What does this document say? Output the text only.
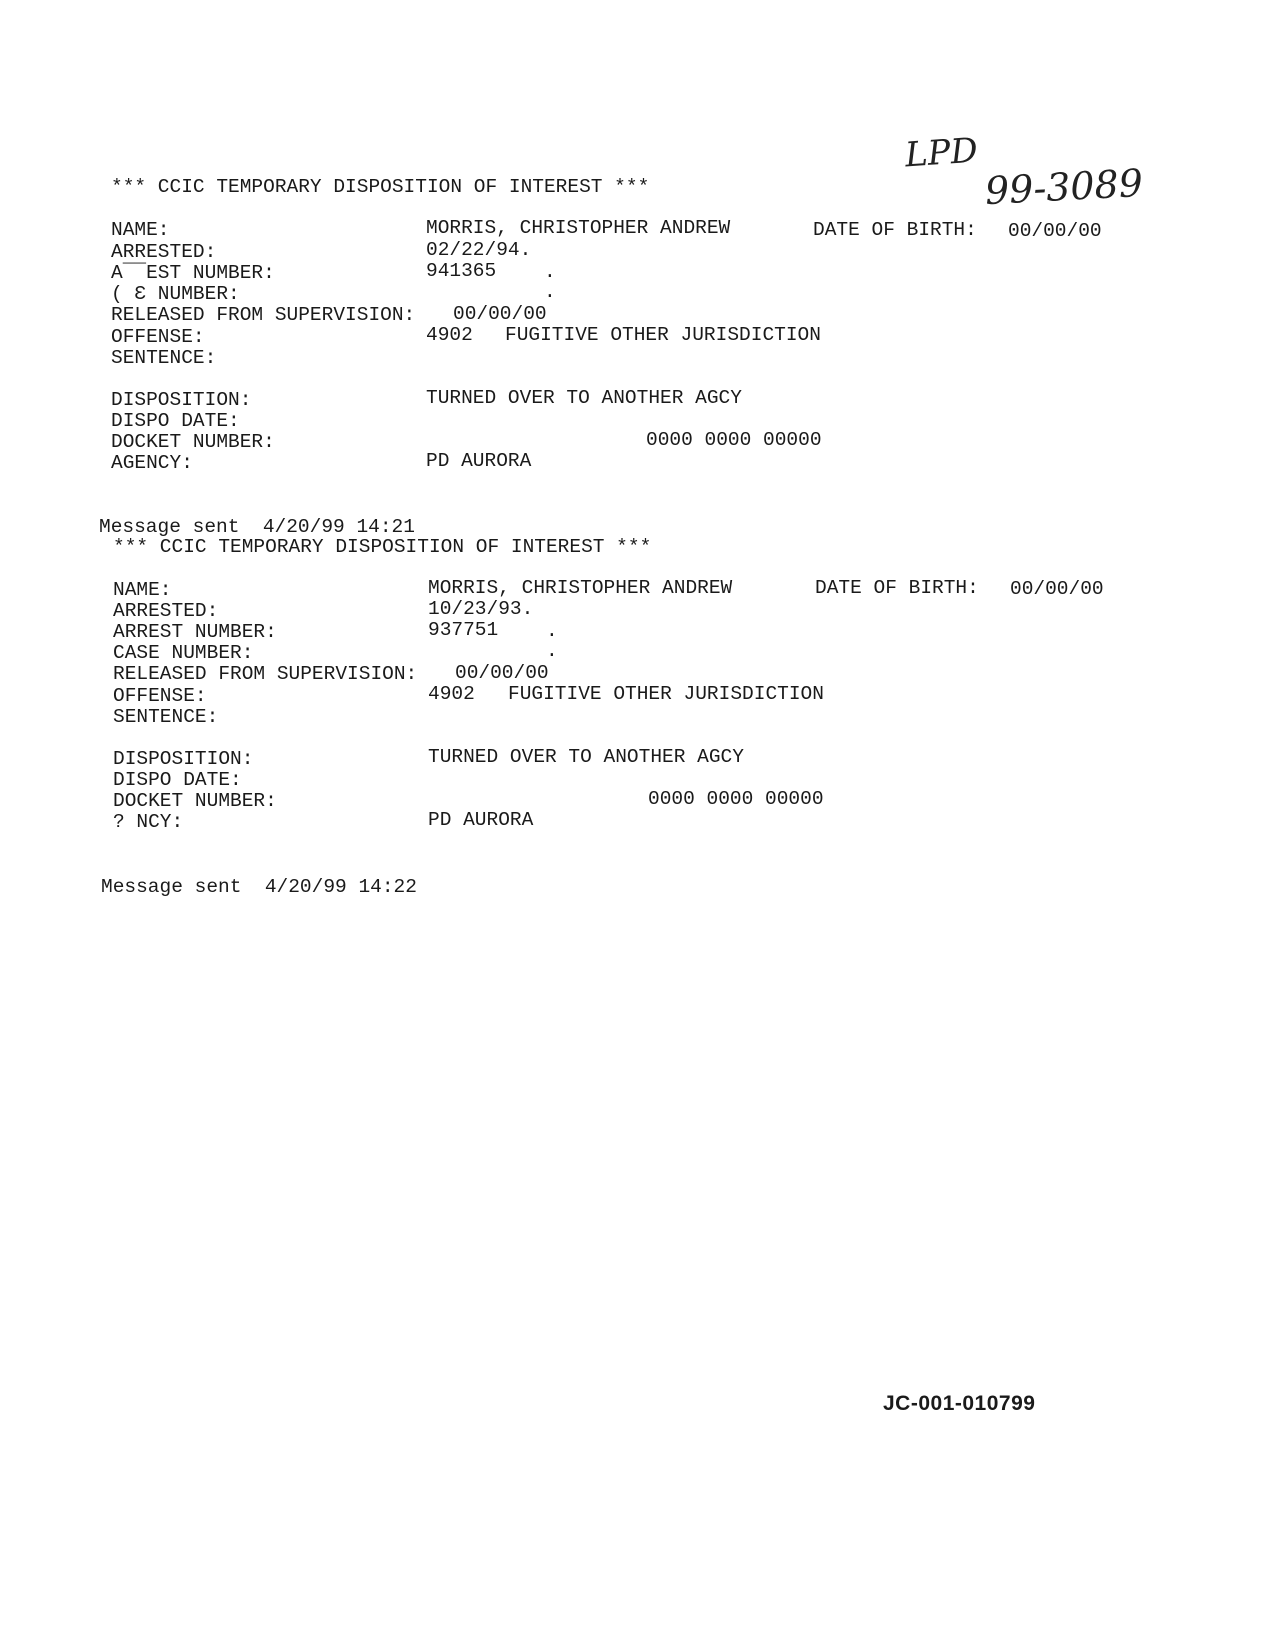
LPD
99-3089
*** CCIC TEMPORARY DISPOSITION OF INTEREST ***
NAME:	MORRIS, CHRISTOPHER ANDREW	DATE OF BIRTH: 00/00/00
ARRESTED:	02/22/94.
A¯¯EST NUMBER:	941365 .
( Ɛ NUMBER:	.
RELEASED FROM SUPERVISION: 00/00/00
OFFENSE:	4902 FUGITIVE OTHER JURISDICTION
SENTENCE:
DISPOSITION:	TURNED OVER TO ANOTHER AGCY
DISPO DATE:
DOCKET NUMBER:	0000 0000 00000
AGENCY:	PD AURORA
Message sent  4/20/99 14:21
*** CCIC TEMPORARY DISPOSITION OF INTEREST ***
NAME:	MORRIS, CHRISTOPHER ANDREW	DATE OF BIRTH: 00/00/00
ARRESTED:	10/23/93.
ARREST NUMBER:	937751 .
CASE NUMBER:	.
RELEASED FROM SUPERVISION: 00/00/00
OFFENSE:	4902 FUGITIVE OTHER JURISDICTION
SENTENCE:
DISPOSITION:	TURNED OVER TO ANOTHER AGCY
DISPO DATE:
DOCKET NUMBER:	0000 0000 00000
? NCY:	PD AURORA
Message sent  4/20/99 14:22
JC-001-010799
